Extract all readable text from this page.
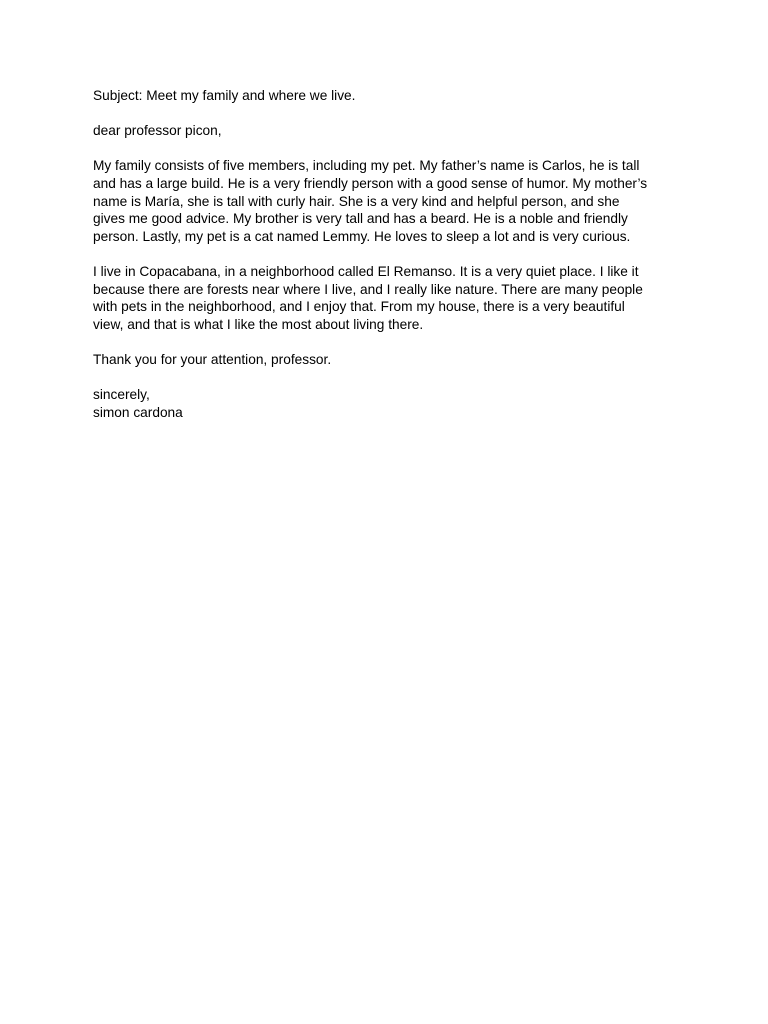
Subject: Meet my family and where we live.
dear professor picon,
My family consists of five members, including my pet. My father’s name is Carlos, he is tall
and has a large build. He is a very friendly person with a good sense of humor. My mother’s
name is María, she is tall with curly hair. She is a very kind and helpful person, and she
gives me good advice. My brother is very tall and has a beard. He is a noble and friendly
person. Lastly, my pet is a cat named Lemmy. He loves to sleep a lot and is very curious.
I live in Copacabana, in a neighborhood called El Remanso. It is a very quiet place. I like it
because there are forests near where I live, and I really like nature. There are many people
with pets in the neighborhood, and I enjoy that. From my house, there is a very beautiful
view, and that is what I like the most about living there.
Thank you for your attention, professor.
sincerely,
simon cardona
